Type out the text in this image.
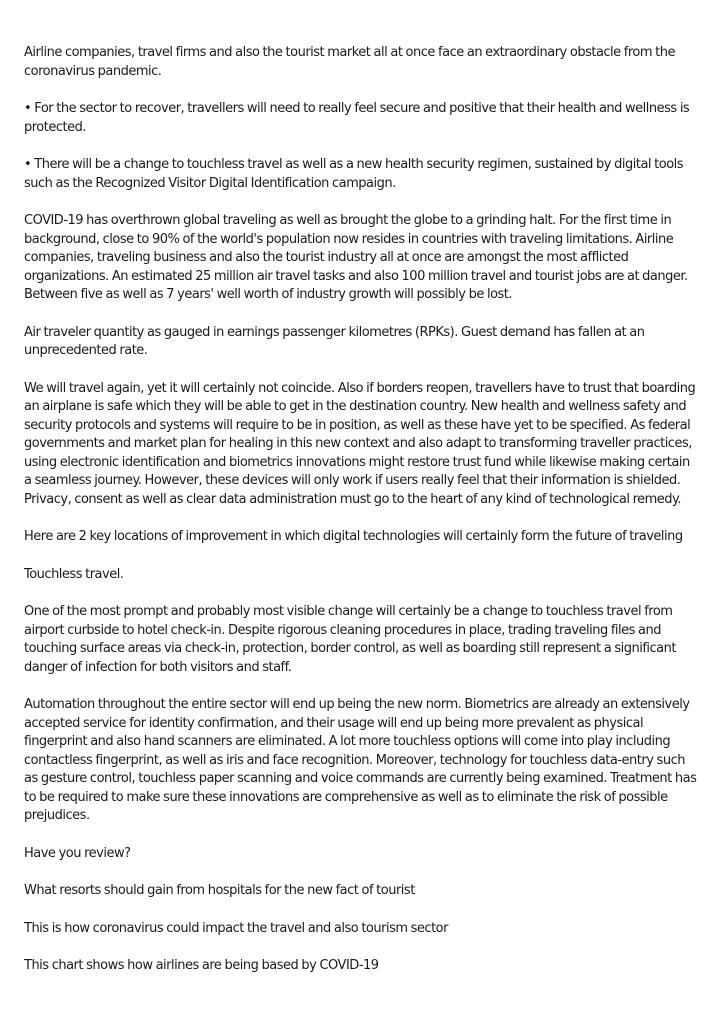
Airline companies, travel firms and also the tourist market all at once face an extraordinary obstacle from the coronavirus pandemic.

• For the sector to recover, travellers will need to really feel secure and positive that their health and wellness is protected.

• There will be a change to touchless travel as well as a new health security regimen, sustained by digital tools such as the Recognized Visitor Digital Identification campaign.

COVID-19 has overthrown global traveling as well as brought the globe to a grinding halt. For the first time in background, close to 90% of the world's population now resides in countries with traveling limitations. Airline companies, traveling business and also the tourist industry all at once are amongst the most afflicted organizations. An estimated 25 million air travel tasks and also 100 million travel and tourist jobs are at danger. Between five as well as 7 years' well worth of industry growth will possibly be lost.

Air traveler quantity as gauged in earnings passenger kilometres (RPKs). Guest demand has fallen at an unprecedented rate.

We will travel again, yet it will certainly not coincide. Also if borders reopen, travellers have to trust that boarding an airplane is safe which they will be able to get in the destination country. New health and wellness safety and security protocols and systems will require to be in position, as well as these have yet to be specified. As federal governments and market plan for healing in this new context and also adapt to transforming traveller practices, using electronic identification and biometrics innovations might restore trust fund while likewise making certain a seamless journey. However, these devices will only work if users really feel that their information is shielded. Privacy, consent as well as clear data administration must go to the heart of any kind of technological remedy.

Here are 2 key locations of improvement in which digital technologies will certainly form the future of traveling

Touchless travel.

One of the most prompt and probably most visible change will certainly be a change to touchless travel from airport curbside to hotel check-in. Despite rigorous cleaning procedures in place, trading traveling files and touching surface areas via check-in, protection, border control, as well as boarding still represent a significant danger of infection for both visitors and staff.

Automation throughout the entire sector will end up being the new norm. Biometrics are already an extensively accepted service for identity confirmation, and their usage will end up being more prevalent as physical fingerprint and also hand scanners are eliminated. A lot more touchless options will come into play including contactless fingerprint, as well as iris and face recognition. Moreover, technology for touchless data-entry such as gesture control, touchless paper scanning and voice commands are currently being examined. Treatment has to be required to make sure these innovations are comprehensive as well as to eliminate the risk of possible prejudices.

Have you review?

What resorts should gain from hospitals for the new fact of tourist

This is how coronavirus could impact the travel and also tourism sector

This chart shows how airlines are being based by COVID-19
